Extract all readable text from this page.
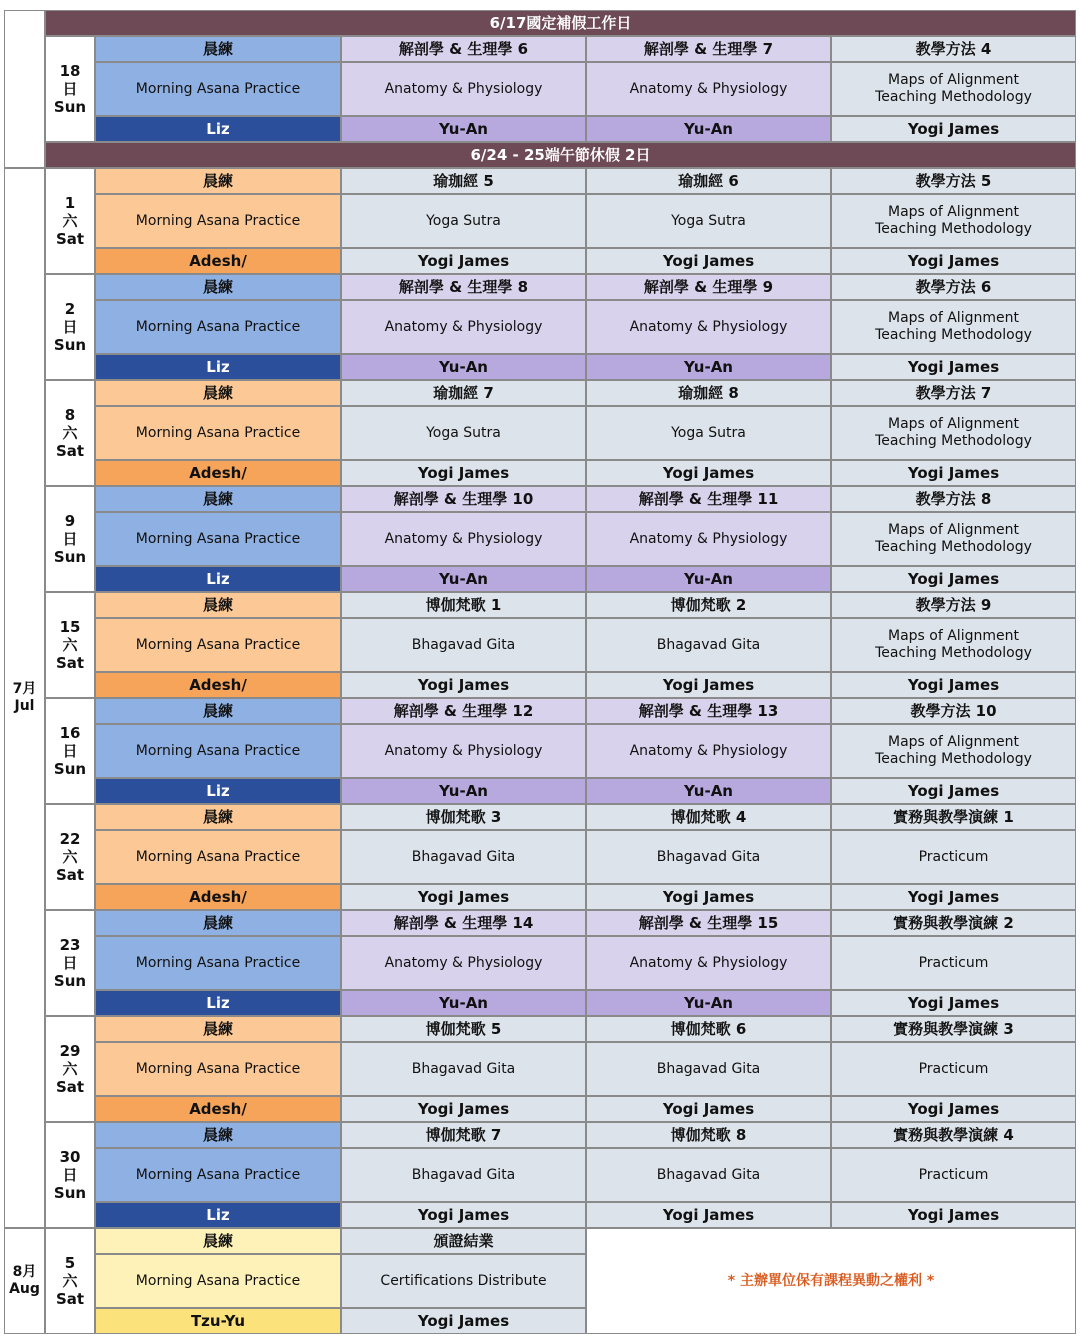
6/17國定補假工作日
6/24 - 25端午節休假 2日
7月
Jul
8月
Aug
18
日
Sun
晨練
Morning Asana Practice
Liz
解剖學 & 生理學 6
Anatomy & Physiology
Yu-An
解剖學 & 生理學 7
Anatomy & Physiology
Yu-An
教學方法 4
Maps of Alignment
Teaching Methodology
Yogi James
1
六
Sat
晨練
Morning Asana Practice
Adesh/
瑜珈經 5
Yoga Sutra
Yogi James
瑜珈經 6
Yoga Sutra
Yogi James
教學方法 5
Maps of Alignment
Teaching Methodology
Yogi James
2
日
Sun
晨練
Morning Asana Practice
Liz
解剖學 & 生理學 8
Anatomy & Physiology
Yu-An
解剖學 & 生理學 9
Anatomy & Physiology
Yu-An
教學方法 6
Maps of Alignment
Teaching Methodology
Yogi James
8
六
Sat
晨練
Morning Asana Practice
Adesh/
瑜珈經 7
Yoga Sutra
Yogi James
瑜珈經 8
Yoga Sutra
Yogi James
教學方法 7
Maps of Alignment
Teaching Methodology
Yogi James
9
日
Sun
晨練
Morning Asana Practice
Liz
解剖學 & 生理學 10
Anatomy & Physiology
Yu-An
解剖學 & 生理學 11
Anatomy & Physiology
Yu-An
教學方法 8
Maps of Alignment
Teaching Methodology
Yogi James
15
六
Sat
晨練
Morning Asana Practice
Adesh/
博伽梵歌 1
Bhagavad Gita
Yogi James
博伽梵歌 2
Bhagavad Gita
Yogi James
教學方法 9
Maps of Alignment
Teaching Methodology
Yogi James
16
日
Sun
晨練
Morning Asana Practice
Liz
解剖學 & 生理學 12
Anatomy & Physiology
Yu-An
解剖學 & 生理學 13
Anatomy & Physiology
Yu-An
教學方法 10
Maps of Alignment
Teaching Methodology
Yogi James
22
六
Sat
晨練
Morning Asana Practice
Adesh/
博伽梵歌 3
Bhagavad Gita
Yogi James
博伽梵歌 4
Bhagavad Gita
Yogi James
實務與教學演練 1
Practicum
Yogi James
23
日
Sun
晨練
Morning Asana Practice
Liz
解剖學 & 生理學 14
Anatomy & Physiology
Yu-An
解剖學 & 生理學 15
Anatomy & Physiology
Yu-An
實務與教學演練 2
Practicum
Yogi James
29
六
Sat
晨練
Morning Asana Practice
Adesh/
博伽梵歌 5
Bhagavad Gita
Yogi James
博伽梵歌 6
Bhagavad Gita
Yogi James
實務與教學演練 3
Practicum
Yogi James
30
日
Sun
晨練
Morning Asana Practice
Liz
博伽梵歌 7
Bhagavad Gita
Yogi James
博伽梵歌 8
Bhagavad Gita
Yogi James
實務與教學演練 4
Practicum
Yogi James
5
六
Sat
晨練
Morning Asana Practice
Tzu-Yu
頒證結業
Certifications Distribute
Yogi James
* 主辦單位保有課程異動之權利 *
